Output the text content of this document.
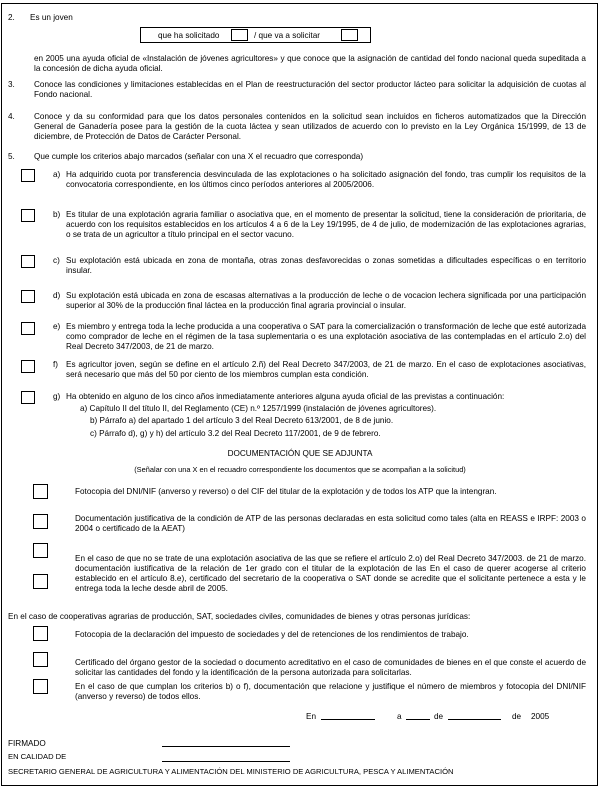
2. Es un joven
que ha solicitado	/ que va a solicitar
en 2005 una ayuda oficial de «Instalación de jóvenes agricultores» y que conoce que la asignación de cantidad del fondo nacional queda supeditada a la concesión de dicha ayuda oficial.
3. Conoce las condiciones y limitaciones establecidas en el Plan de reestructuración del sector productor lácteo para solicitar la adquisición de cuotas al Fondo nacional.
4. Conoce y da su conformidad para que los datos personales contenidos en la solicitud sean incluidos en ficheros automatizados que la Dirección General de Ganadería posee para la gestión de la cuota láctea y sean utilizados de acuerdo con lo previsto en la Ley Orgánica 15/1999, de 13 de diciembre, de Protección de Datos de Carácter Personal.
5. Que cumple los criterios abajo marcados (señalar con una X el recuadro que corresponda)
a) Ha adquirido cuota por transferencia desvinculada de las explotaciones o ha solicitado asignación del fondo, tras cumplir los requisitos de la convocatoria correspondiente, en los últimos cinco períodos anteriores al 2005/2006.
b) Es titular de una explotación agraria familiar o asociativa que, en el momento de presentar la solicitud, tiene la consideración de prioritaria, de acuerdo con los requisitos establecidos en los artículos 4 a 6 de la Ley 19/1995, de 4 de julio, de modernización de las explotaciones agrarias, o se trata de un agricultor a título principal en el sector vacuno.
c) Su explotación está ubicada en zona de montaña, otras zonas desfavorecidas o zonas sometidas a dificultades específicas o en territorio insular.
d) Su explotación está ubicada en zona de escasas alternativas a la producción de leche o de vocacion lechera significada por una participación superior al 30% de la producción final láctea en la producción final agraria provincial o insular.
e) Es miembro y entrega toda la leche producida a una cooperativa o SAT para la comercialización o transformación de leche que esté autorizada como comprador de leche en el régimen de la tasa suplementaria o es una explotación asociativa de las contempladas en el artículo 2.o) del Real Decreto 347/2003, de 21 de marzo.
f) Es agricultor joven, según se define en el artículo 2.ñ) del Real Decreto 347/2003, de 21 de marzo. En el caso de explotaciones asociativas, será necesario que más del 50 por ciento de los miembros cumplan esta condición.
g) Ha obtenido en alguno de los cinco años inmediatamente anteriores alguna ayuda oficial de las previstas a continuación:
a) Capítulo II del título II, del Reglamento (CE) n.º 1257/1999 (instalación de jóvenes agricultores).
b) Párrafo a) del apartado 1 del artículo 3 del Real Decreto 613/2001, de 8 de junio.
c) Párrafo d), g) y h) del artículo 3.2 del Real Decreto 117/2001, de 9 de febrero.
DOCUMENTACIÓN QUE SE ADJUNTA
(Señalar con una X en el recuadro correspondiente los documentos que se acompañan a la solicitud)
Fotocopia del DNI/NIF (anverso y reverso) o del CIF del titular de la explotación y de todos los ATP que la intengran.
Documentación justificativa de la condición de ATP de las personas declaradas en esta solicitud como tales (alta en REASS e IRPF: 2003 o 2004 o certificado de la AEAT)
En el caso de que no se trate de una explotación asociativa de las que se refiere el artículo 2.o) del Real Decreto 347/2003. de 21 de marzo. documentación iustificativa de la relación de 1er grado con el titular de la explotación de las En el caso de querer acogerse al criterio establecido en el artículo 8.e), certificado del secretario de la cooperativa o SAT donde se acredite que el solicitante pertenece a esta y le entrega toda la leche desde abril de 2005.
En el caso de cooperativas agrarias de producción, SAT, sociedades civiles, comunidades de bienes y otras personas jurídicas:
Fotocopia de la declaración del impuesto de sociedades y del de retenciones de los rendimientos de trabajo.
Certificado del órgano gestor de la sociedad o documento acreditativo en el caso de comunidades de bienes en el que conste el acuerdo de solicitar las cantidades del fondo y la identificación de la persona autorizada para solicitarlas.
En el caso de que cumplan los criterios b) o f), documentación que relacione y justifique el número de miembros y fotocopia del DNI/NIF (anverso y reverso) de todos ellos.
En	a	de	de 2005
FIRMADO
EN CALIDAD DE
SECRETARIO GENERAL DE AGRICULTURA Y ALIMENTACIÓN DEL MINISTERIO DE AGRICULTURA, PESCA Y ALIMENTACIÓN
